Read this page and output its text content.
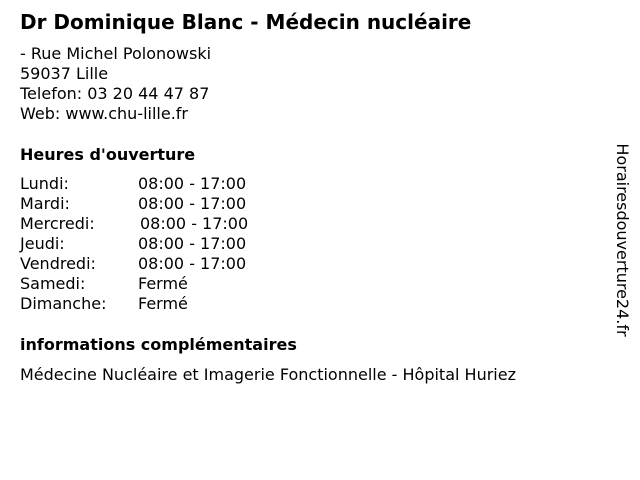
Dr Dominique Blanc - Médecin nucléaire
- Rue Michel Polonowski
59037 Lille
Telefon: 03 20 44 47 87
Web: www.chu-lille.fr
Heures d'ouverture
Lundi:	08:00 - 17:00
Mardi:	08:00 - 17:00
Mercredi:	08:00 - 17:00
Jeudi:	08:00 - 17:00
Vendredi:	08:00 - 17:00
Samedi:	Fermé
Dimanche: Fermé
informations complémentaires
Médecine Nucléaire et Imagerie Fonctionnelle - Hôpital Huriez
Horairesdouverture24.fr
